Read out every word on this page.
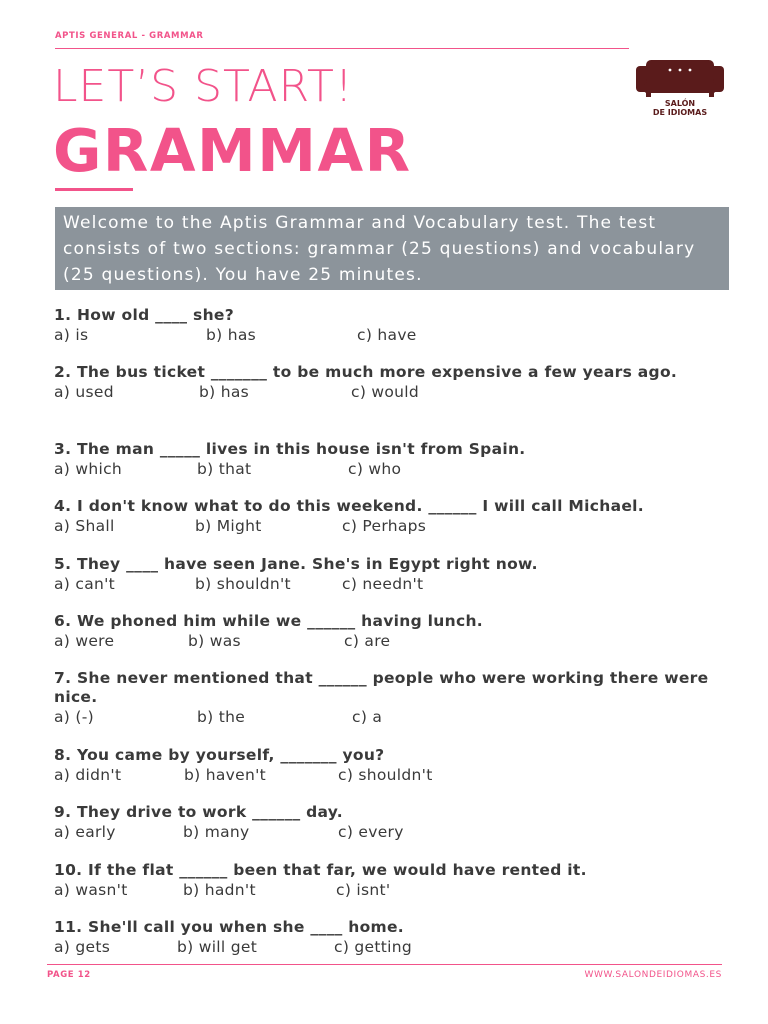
APTIS GENERAL - GRAMMAR
LET’S START!
GRAMMAR
SALÓN
DE IDIOMAS
Welcome to the Aptis Grammar and Vocabulary test. The test consists of two sections: grammar (25 questions) and vocabulary (25 questions). You have 25 minutes.
1. How old ____ she?
a) is	b) has	c) have
2. The bus ticket _______ to be much more expensive a few years ago.
a) used	b) has	c) would
3. The man _____ lives in this house isn't from Spain.
a) which	b) that	c) who
4. I don't know what to do this weekend. ______ I will call Michael.
a) Shall	b) Might	c) Perhaps
5. They ____ have seen Jane. She's in Egypt right now.
a) can't	b) shouldn't	c) needn't
6. We phoned him while we ______ having lunch.
a) were	b) was	c) are
7. She never mentioned that ______ people who were working there were nice.
a) (-)	b) the	c) a
8. You came by yourself, _______ you?
a) didn't	b) haven't	c) shouldn't
9. They drive to work ______ day.
a) early	b) many	c) every
10. If the flat ______ been that far, we would have rented it.
a) wasn't	b) hadn't	c) isnt'
11. She'll call you when she ____ home.
a) gets	b) will get	c) getting
PAGE 12	WWW.SALONDEIDIOMAS.ES
